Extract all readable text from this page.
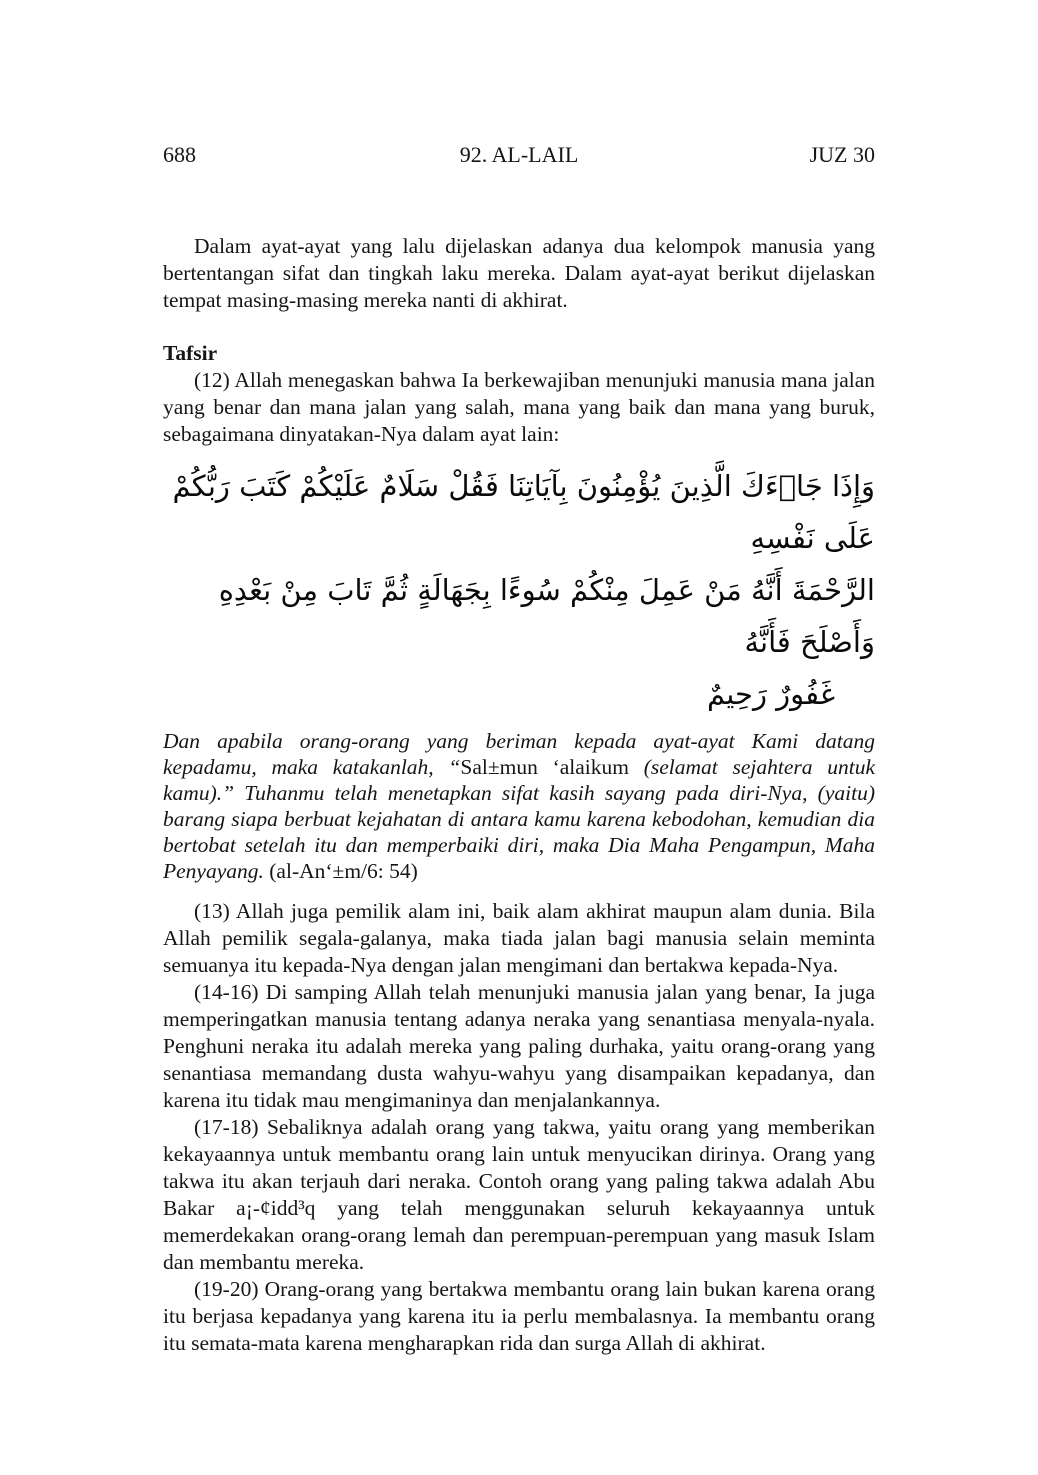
688	92. AL-LAIL	JUZ 30

Dalam ayat-ayat yang lalu dijelaskan adanya dua kelompok manusia yang bertentangan sifat dan tingkah laku mereka. Dalam ayat-ayat berikut dijelaskan tempat masing-masing mereka nanti di akhirat.

Tafsir

(12) Allah menegaskan bahwa Ia berkewajiban menunjuki manusia mana jalan yang benar dan mana jalan yang salah, mana yang baik dan mana yang buruk, sebagaimana dinyatakan-Nya dalam ayat lain:

وَإِذَا جَاۤءَكَ الَّذِينَ يُؤْمِنُونَ بِآيَاتِنَا فَقُلْ سَلَامٌ عَلَيْكُمْ كَتَبَ رَبُّكُمْ عَلَى نَفْسِهِ
الرَّحْمَةَ أَنَّهُ مَنْ عَمِلَ مِنْكُمْ سُوءًا بِجَهَالَةٍ ثُمَّ تَابَ مِنْ بَعْدِهِ وَأَصْلَحَ فَأَنَّهُ
غَفُورٌ رَحِيمٌ

Dan apabila orang-orang yang beriman kepada ayat-ayat Kami datang kepadamu, maka katakanlah, “Sal±mun ‘alaikum (selamat sejahtera untuk kamu).” Tuhanmu telah menetapkan sifat kasih sayang pada diri-Nya, (yaitu) barang siapa berbuat kejahatan di antara kamu karena kebodohan, kemudian dia bertobat setelah itu dan memperbaiki diri, maka Dia Maha Pengampun, Maha Penyayang. (al-An‘±m/6: 54)

(13) Allah juga pemilik alam ini, baik alam akhirat maupun alam dunia. Bila Allah pemilik segala-galanya, maka tiada jalan bagi manusia selain meminta semuanya itu kepada-Nya dengan jalan mengimani dan bertakwa kepada-Nya.

(14-16) Di samping Allah telah menunjuki manusia jalan yang benar, Ia juga memperingatkan manusia tentang adanya neraka yang senantiasa menyala-nyala. Penghuni neraka itu adalah mereka yang paling durhaka, yaitu orang-orang yang senantiasa memandang dusta wahyu-wahyu yang disampaikan kepadanya, dan karena itu tidak mau mengimaninya dan menjalankannya.

(17-18) Sebaliknya adalah orang yang takwa, yaitu orang yang memberikan kekayaannya untuk membantu orang lain untuk menyucikan dirinya. Orang yang takwa itu akan terjauh dari neraka. Contoh orang yang paling takwa adalah Abu Bakar a¡-¢idd³q yang telah menggunakan seluruh kekayaannya untuk memerdekakan orang-orang lemah dan perempuan-perempuan yang masuk Islam dan membantu mereka.

(19-20) Orang-orang yang bertakwa membantu orang lain bukan karena orang itu berjasa kepadanya yang karena itu ia perlu membalasnya. Ia membantu orang itu semata-mata karena mengharapkan rida dan surga Allah di akhirat.
